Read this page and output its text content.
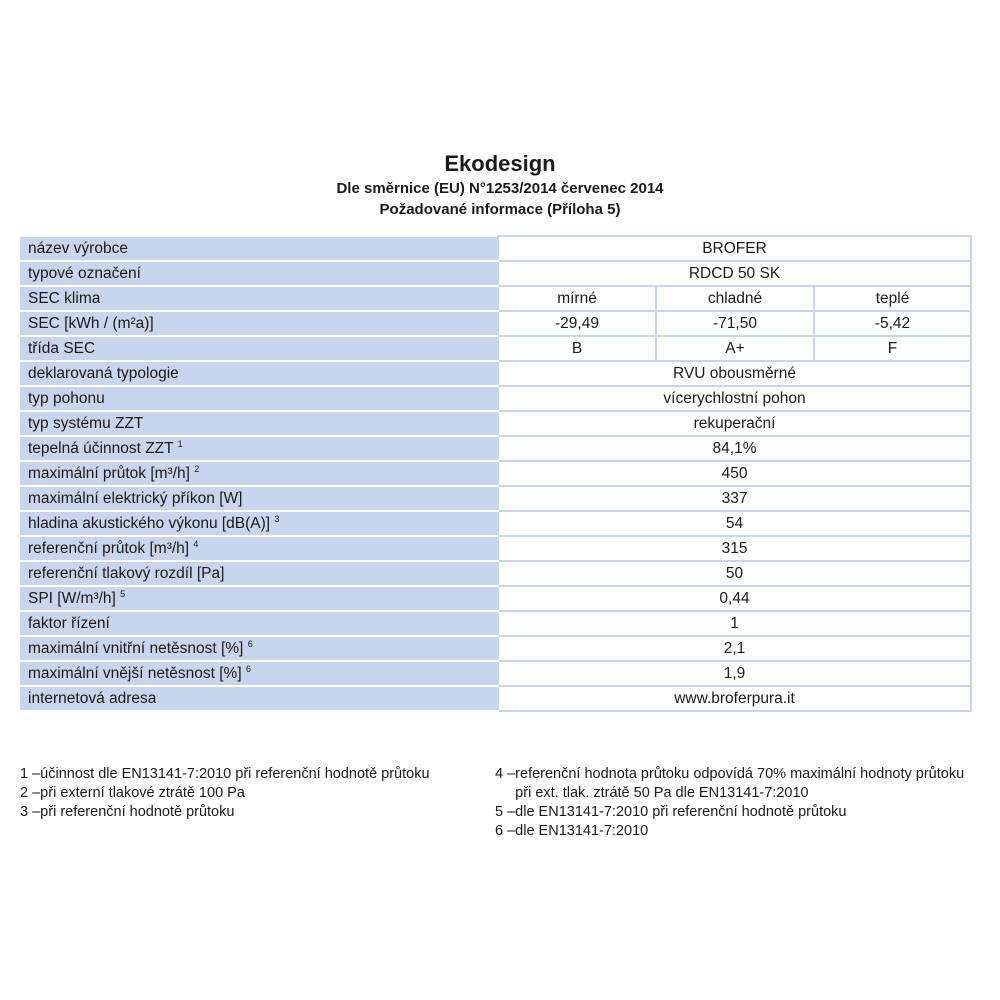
Ekodesign
Dle směrnice (EU) N°1253/2014 červenec 2014
Požadované informace (Příloha 5)
název výrobce	BROFER		
typové označení	RDCD 50 SK		
SEC klima	mírné	chladné	teplé
SEC [kWh / (m²a)]	-29,49	-71,50	-5,42
třída SEC	B	A+	F
deklarovaná typologie	RVU obousměrné		
typ pohonu	vícerychlostní pohon		
typ systému ZZT	rekuperační		
tepelná účinnost ZZT $^1$	84,1%		
maximální průtok [m³/h] $^2$	450		
maximální elektrický příkon [W]	337		
hladina akustického výkonu [dB(A)] $^3$	54		
referenční průtok [m³/h] $^4$	315		
referenční tlakový rozdíl [Pa]	50		
SPI [W/m³/h] $^5$	0,44		
faktor řízení	1		
maximální vnitřní netěsnost [%] $^6$	2,1		
maximální vnější netěsnost [%] $^6$	1,9		
internetová adresa	www.broferpura.it		
1 – účinnost dle EN13141-7:2010 při referenční hodnotě průtoku
2 – při externí tlakové ztrátě 100 Pa
3 – při referenční hodnotě průtoku
4 – referenční hodnota průtoku odpovídá 70% maximální hodnoty průtoku při ext. tlak. ztrátě 50 Pa dle EN13141-7:2010
5 – dle EN13141-7:2010 při referenční hodnotě průtoku
6 – dle EN13141-7:2010
